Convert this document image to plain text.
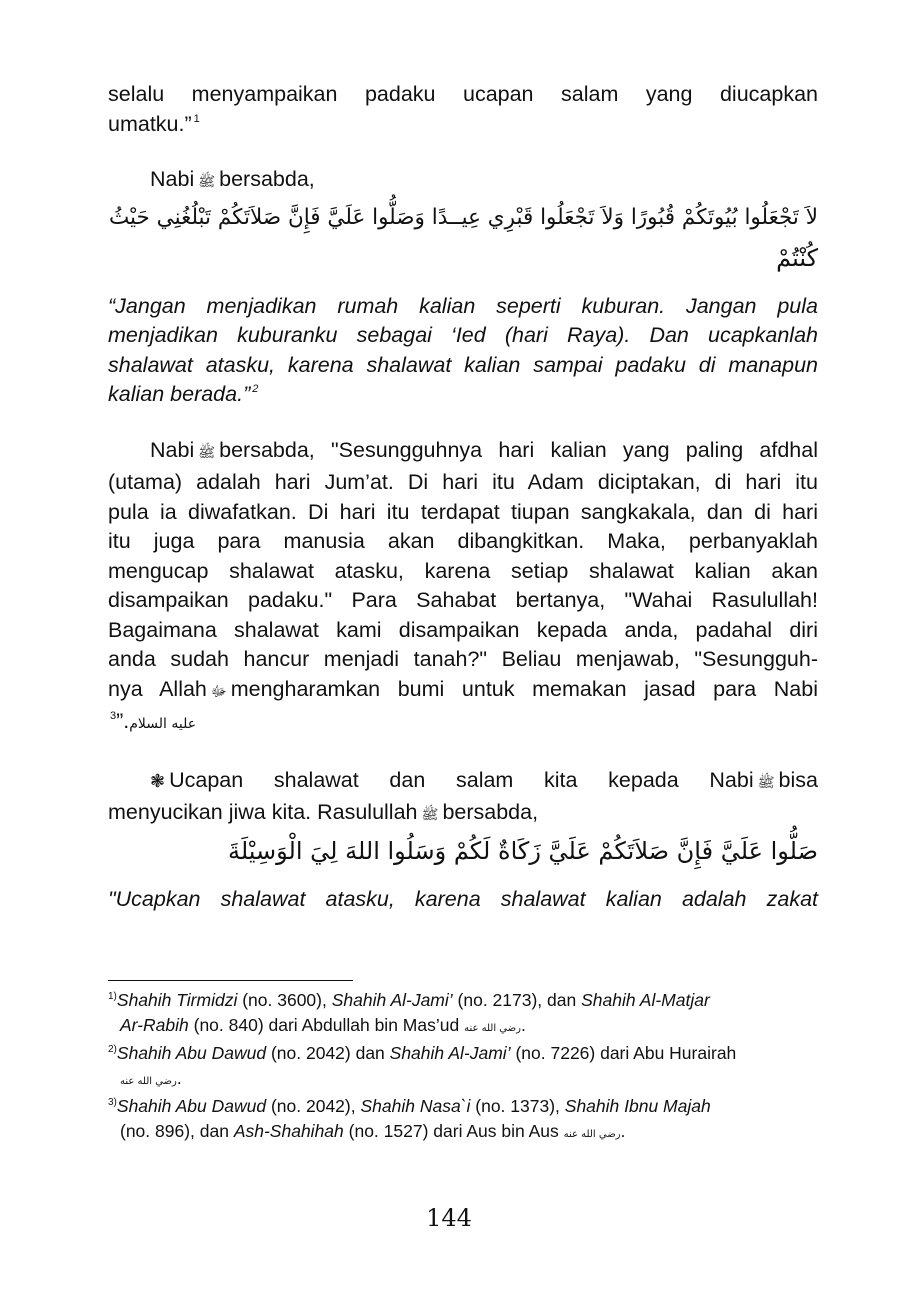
selalu menyampaikan padaku ucapan salam yang diucapkan
umatku.” $^1$
Nabi ﷺ bersabda,
لاَ تَجْعَلُوا بُيُوتَكُمْ قُبُورًا وَلاَ تَجْعَلُوا قَبْرِي عِيــدًا وَصَلُّوا عَلَيَّ فَإِنَّ صَلاَتَكُمْ تَبْلُغُنِي حَيْثُ
كُنْتُمْ
“Jangan menjadikan rumah kalian seperti kuburan. Jangan pula
menjadikan kuburanku sebagai ‘Ied (hari Raya). Dan ucapkanlah
shalawat atasku, karena shalawat kalian sampai padaku di manapun
kalian berada.” $^2$
Nabi ﷺ bersabda, "Sesungguhnya hari kalian yang paling afdhal
(utama) adalah hari Jum’at. Di hari itu Adam diciptakan, di hari itu
pula ia diwafatkan. Di hari itu terdapat tiupan sangkakala, dan di hari
itu juga para manusia akan dibangkitkan. Maka, perbanyaklah
mengucap shalawat atasku, karena setiap shalawat kalian akan
disampaikan padaku." Para Sahabat bertanya, "Wahai Rasulullah!
Bagaimana shalawat kami disampaikan kepada anda, padahal diri
anda sudah hancur menjadi tanah?" Beliau menjawab, "Sesungguh-
nya Allah ﷻ mengharamkan bumi untuk memakan jasad para Nabi
عليه السلام.”$^3$
❃ Ucapan shalawat dan salam kita kepada Nabi ﷺ bisa
menyucikan jiwa kita. Rasulullah ﷺ bersabda,
صَلُّوا عَلَيَّ فَإِنَّ صَلاَتَكُمْ عَلَيَّ زَكَاةٌ لَكُمْ وَسَلُوا اللهَ لِيَ الْوَسِيْلَةَ
"Ucapkan shalawat atasku, karena shalawat kalian adalah zakat
$^{1)}$Shahih Tirmidzi (no. 3600), Shahih Al-Jami’ (no. 2173), dan Shahih Al-Matjar
Ar-Rabih (no. 840) dari Abdullah bin Mas’ud رضي الله عنه.
$^{2)}$Shahih Abu Dawud (no. 2042) dan Shahih Al-Jami’ (no. 7226) dari Abu Hurairah
رضي الله عنه.
$^{3)}$Shahih Abu Dawud (no. 2042), Shahih Nasa`i (no. 1373), Shahih Ibnu Majah
(no. 896), dan Ash-Shahihah (no. 1527) dari Aus bin Aus رضي الله عنه.
144
